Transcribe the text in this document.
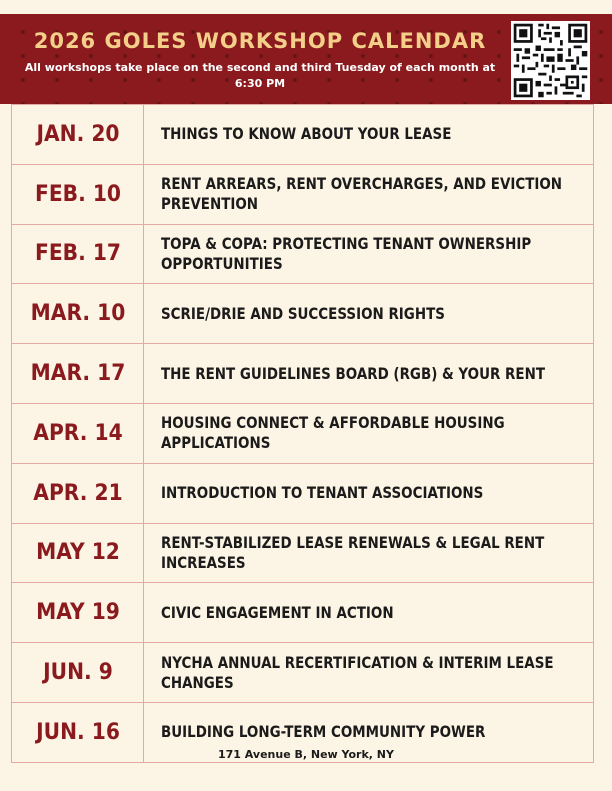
2026 GOLES WORKSHOP CALENDAR
All workshops take place on the second and third Tuesday of each month at 6:30 PM
JAN. 20	THINGS TO KNOW ABOUT YOUR LEASE

FEB. 10	RENT ARREARS, RENT OVERCHARGES, AND EVICTION PREVENTION

FEB. 17	TOPA & COPA: PROTECTING TENANT OWNERSHIP OPPORTUNITIES

MAR. 10	SCRIE/DRIE AND SUCCESSION RIGHTS

MAR. 17	THE RENT GUIDELINES BOARD (RGB) & YOUR RENT

APR. 14	HOUSING CONNECT & AFFORDABLE HOUSING APPLICATIONS

APR. 21	INTRODUCTION TO TENANT ASSOCIATIONS

MAY 12	RENT-STABILIZED LEASE RENEWALS & LEGAL RENT INCREASES

MAY 19	CIVIC ENGAGEMENT IN ACTION

JUN. 9	NYCHA ANNUAL RECERTIFICATION & INTERIM LEASE CHANGES

JUN. 16	BUILDING LONG-TERM COMMUNITY POWER
171 Avenue B, New York, NY
